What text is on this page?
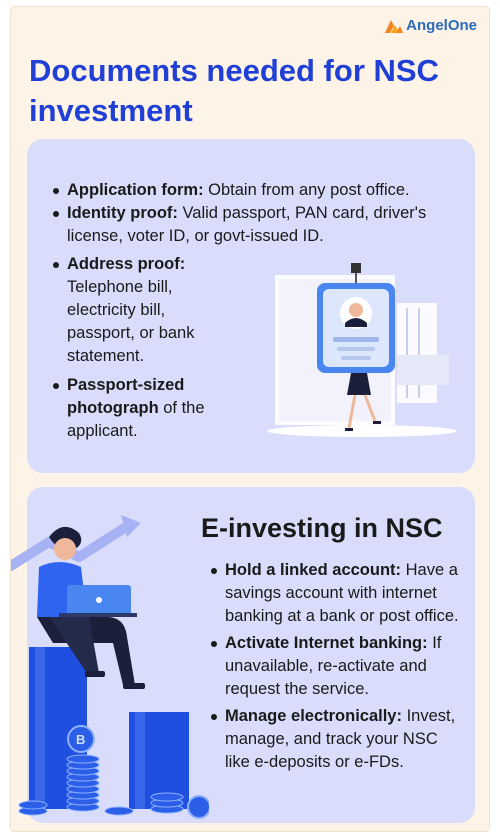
AngelOne
Documents needed for NSC investment
Application form: Obtain from any post office.
Identity proof: Valid passport, PAN card, driver's license, voter ID, or govt-issued ID.
Address proof: Telephone bill, electricity bill, passport, or bank statement.
Passport-sized photograph of the applicant.
E-investing in NSC
Hold a linked account: Have a savings account with internet banking at a bank or post office.
Activate Internet banking: If unavailable, re-activate and request the service.
Manage electronically: Invest, manage, and track your NSC like e-deposits or e-FDs.
B
